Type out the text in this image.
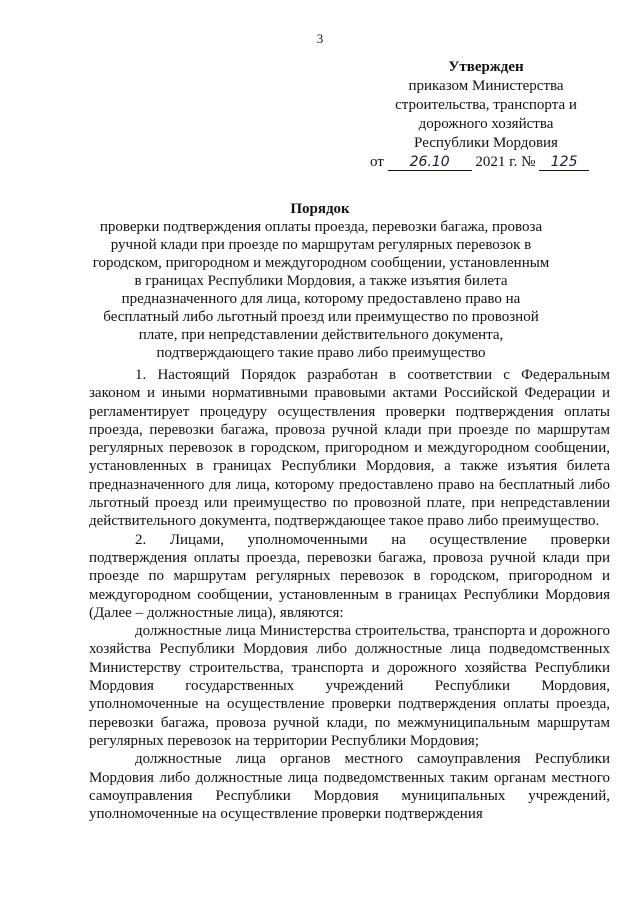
3
Утвержден
приказом Министерства
строительства, транспорта и
дорожного хозяйства
Республики Мордовия
от 26.10 2021 г. № 125
Порядок
проверки подтверждения оплаты проезда, перевозки багажа, провоза ручной клади при проезде по маршрутам регулярных перевозок в городском, пригородном и междугородном сообщении, установленным в границах Республики Мордовия, а также изъятия билета предназначенного для лица, которому предоставлено право на бесплатный либо льготный проезд или преимущество по провозной плате, при непредставлении действительного документа, подтверждающего такие право либо преимущество

1. Настоящий Порядок разработан в соответствии с Федеральным законом и иными нормативными правовыми актами Российской Федерации и регламентирует процедуру осуществления проверки подтверждения оплаты проезда, перевозки багажа, провоза ручной клади при проезде по маршрутам регулярных перевозок в городском, пригородном и междугородном сообщении, установленных в границах Республики Мордовия, а также изъятия билета предназначенного для лица, которому предоставлено право на бесплатный либо льготный проезд или преимущество по провозной плате, при непредставлении действительного документа, подтверждающее такое право либо преимущество.

2. Лицами, уполномоченными на осуществление проверки подтверждения оплаты проезда, перевозки багажа, провоза ручной клади при проезде по маршрутам регулярных перевозок в городском, пригородном и междугородном сообщении, установленным в границах Республики Мордовия (Далее – должностные лица), являются:

должностные лица Министерства строительства, транспорта и дорожного хозяйства Республики Мордовия либо должностные лица подведомственных Министерству строительства, транспорта и дорожного хозяйства Республики Мордовия государственных учреждений Республики Мордовия, уполномоченные на осуществление проверки подтверждения оплаты проезда, перевозки багажа, провоза ручной клади, по межмуниципальным маршрутам регулярных перевозок на территории Республики Мордовия;

должностные лица органов местного самоуправления Республики Мордовия либо должностные лица подведомственных таким органам местного самоуправления Республики Мордовия муниципальных учреждений, уполномоченные на осуществление проверки подтверждения
